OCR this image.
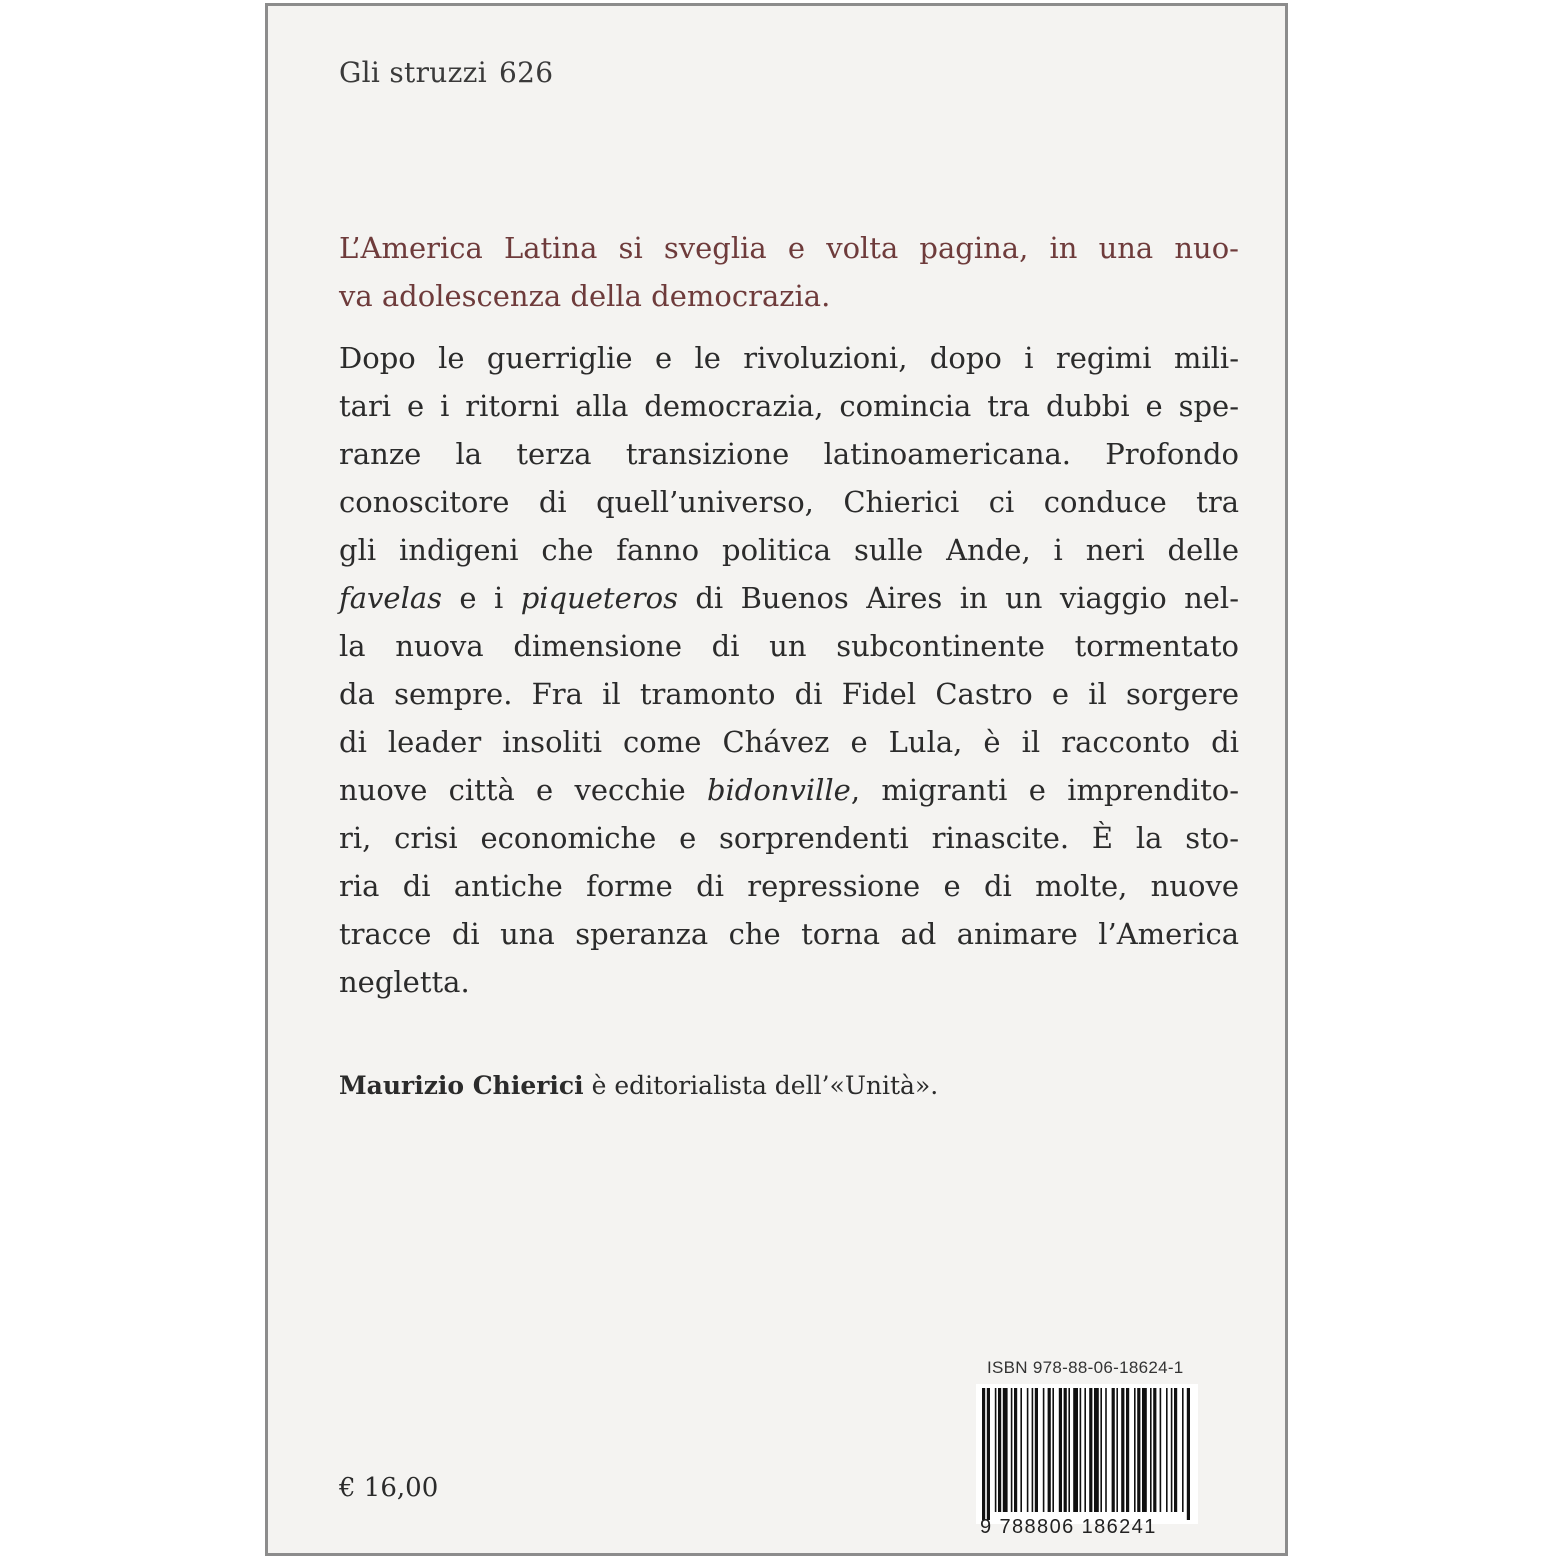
Gli struzzi 626
L’America Latina si sveglia e volta pagina, in una nuo-
va adolescenza della democrazia.
Dopo le guerriglie e le rivoluzioni, dopo i regimi mili-
tari e i ritorni alla democrazia, comincia tra dubbi e spe-
ranze la terza transizione latinoamericana. Profondo
conoscitore di quell’universo, Chierici ci conduce tra
gli indigeni che fanno politica sulle Ande, i neri delle
favelas e i piqueteros di Buenos Aires in un viaggio nel-
la nuova dimensione di un subcontinente tormentato
da sempre. Fra il tramonto di Fidel Castro e il sorgere
di leader insoliti come Chávez e Lula, è il racconto di
nuove città e vecchie bidonville, migranti e imprendito-
ri, crisi economiche e sorprendenti rinascite. È la sto-
ria di antiche forme di repressione e di molte, nuove
tracce di una speranza che torna ad animare l’America
negletta.
Maurizio Chierici è editorialista dell’«Unità».
ISBN 978-88-06-18624-1
9 788806 186241
€ 16,00
